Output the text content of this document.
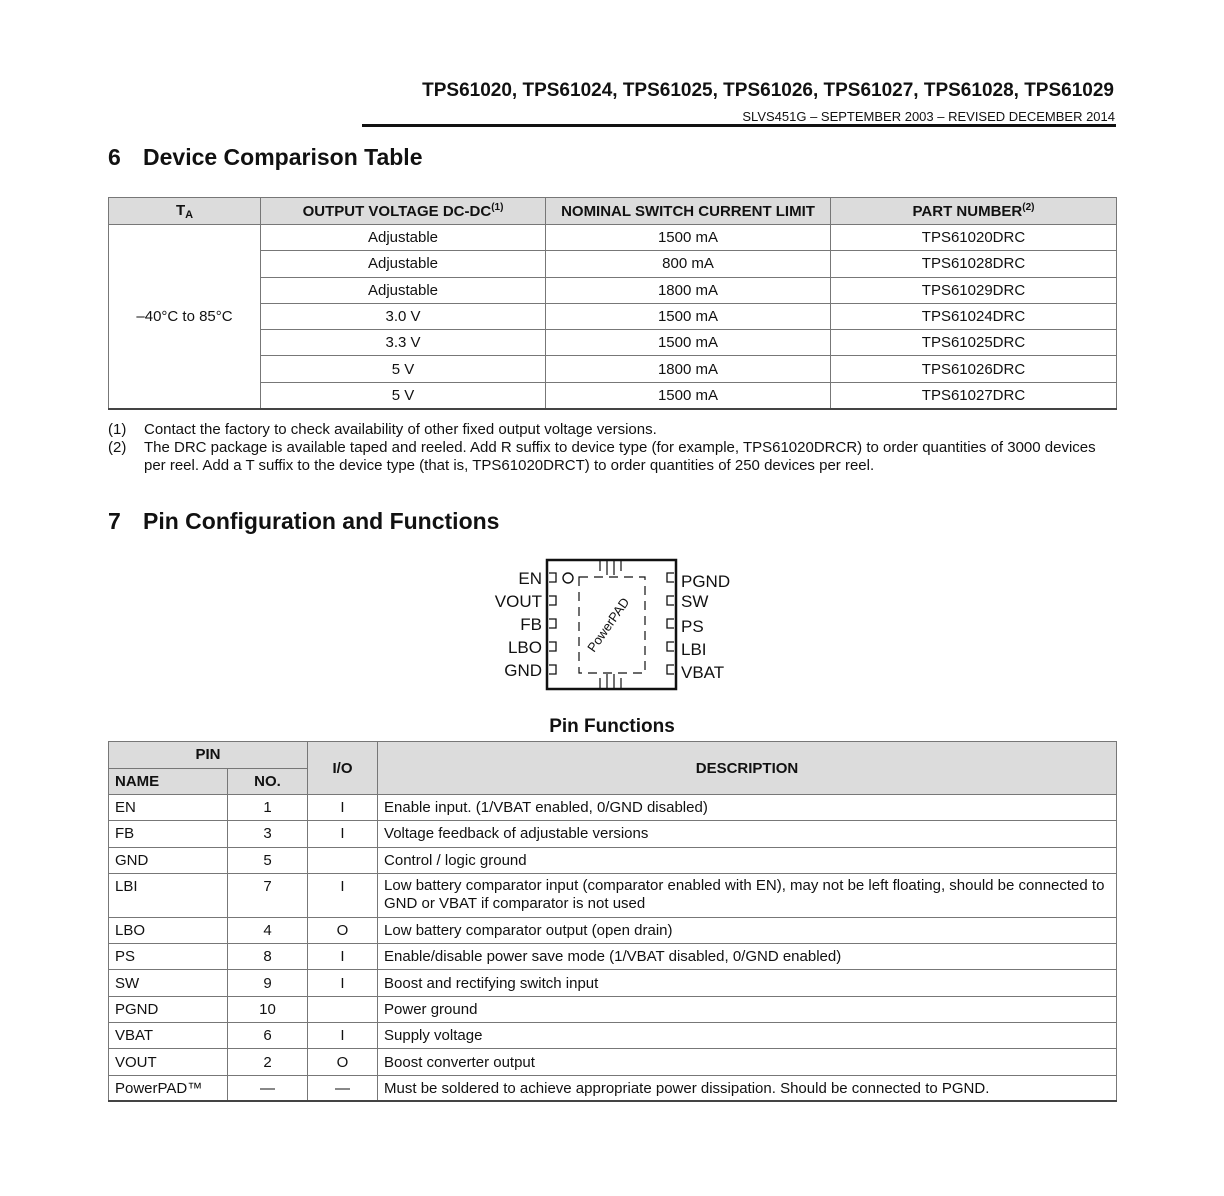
TPS61020, TPS61024, TPS61025, TPS61026, TPS61027, TPS61028, TPS61029
SLVS451G – SEPTEMBER 2003 – REVISED DECEMBER 2014
6 Device Comparison Table
$T_A$	OUTPUT VOLTAGE DC-DC$^{(1)}$	NOMINAL SWITCH CURRENT LIMIT	PART NUMBER$^{(2)}$
–40°C to 85°C	Adjustable	1500 mA	TPS61020DRC
	Adjustable	800 mA	TPS61028DRC
	Adjustable	1800 mA	TPS61029DRC
	3.0 V	1500 mA	TPS61024DRC
	3.3 V	1500 mA	TPS61025DRC
	5 V	1800 mA	TPS61026DRC
	5 V	1500 mA	TPS61027DRC
(1)	Contact the factory to check availability of other fixed output voltage versions.
(2)	The DRC package is available taped and reeled. Add R suffix to device type (for example, TPS61020DRCR) to order quantities of 3000 devices per reel. Add a T suffix to the device type (that is, TPS61020DRCT) to order quantities of 250 devices per reel.
7 Pin Configuration and Functions
EN
VOUT
FB
LBO
GND
PGND
SW
PS
LBI
VBAT
PowerPAD
Pin Functions
PIN		I/O	DESCRIPTION
NAME	NO.		
EN	1	I	Enable input. (1/VBAT enabled, 0/GND disabled)
FB	3	I	Voltage feedback of adjustable versions
GND	5		Control / logic ground
LBI	7	I	Low battery comparator input (comparator enabled with EN), may not be left floating, should be connected to GND or VBAT if comparator is not used
LBO	4	O	Low battery comparator output (open drain)
PS	8	I	Enable/disable power save mode (1/VBAT disabled, 0/GND enabled)
SW	9	I	Boost and rectifying switch input
PGND	10		Power ground
VBAT	6	I	Supply voltage
VOUT	2	O	Boost converter output
PowerPAD™	—	—	Must be soldered to achieve appropriate power dissipation. Should be connected to PGND.
